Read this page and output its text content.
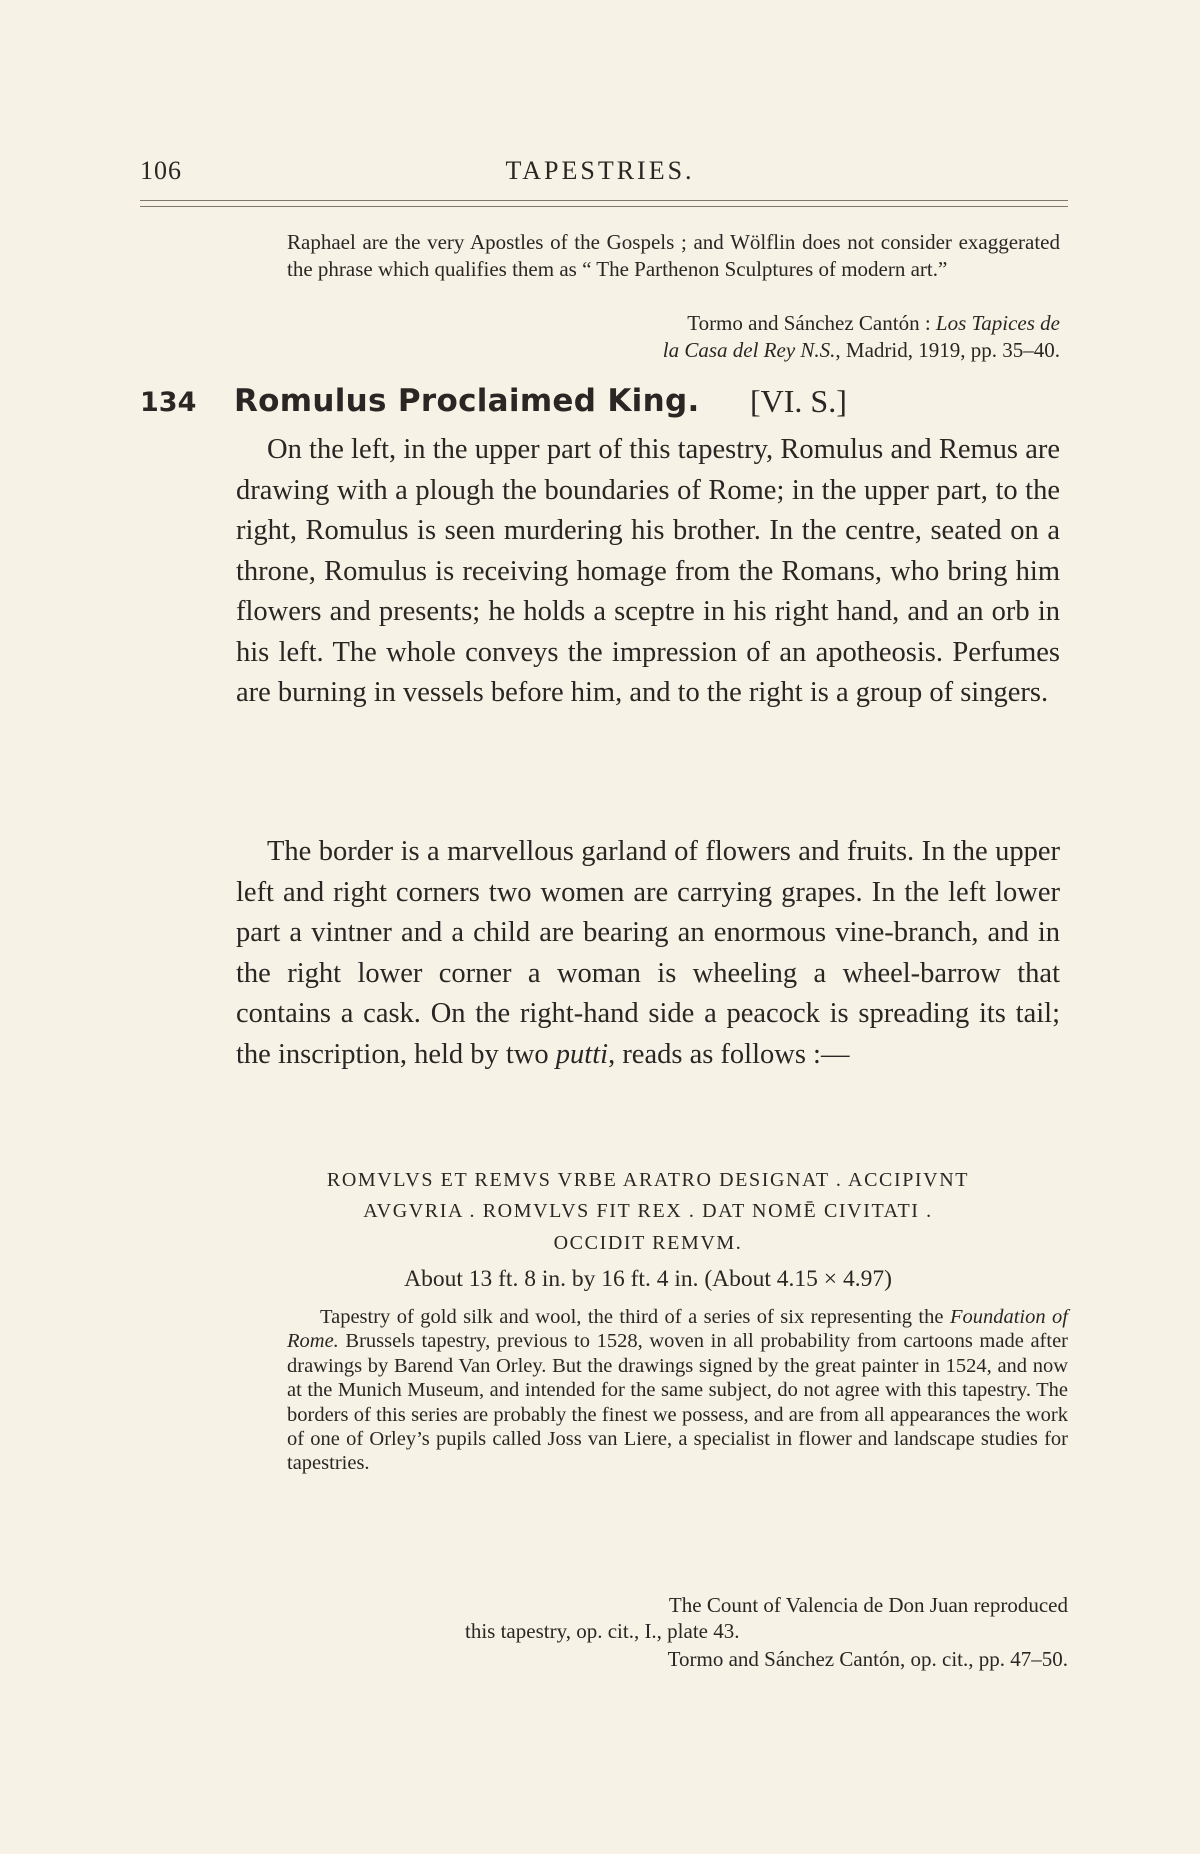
106	TAPESTRIES.

Raphael are the very Apostles of the Gospels ; and Wölflin does not consider exaggerated the phrase which qualifies them as “ The Parthenon Sculptures of modern art.”

Tormo and Sánchez Cantón : Los Tapices de
la Casa del Rey N.S., Madrid, 1919, pp. 35–40.
134 Romulus Proclaimed King. [VI. S.]

On the left, in the upper part of this tapestry, Romulus and Remus are drawing with a plough the boundaries of Rome; in the upper part, to the right, Romulus is seen murdering his brother. In the centre, seated on a throne, Romulus is receiving homage from the Romans, who bring him flowers and presents; he holds a sceptre in his right hand, and an orb in his left. The whole conveys the impression of an apotheosis. Perfumes are burning in vessels before him, and to the right is a group of singers.

The border is a marvellous garland of flowers and fruits. In the upper left and right corners two women are carrying grapes. In the left lower part a vintner and a child are bearing an enormous vine-branch, and in the right lower corner a woman is wheeling a wheel-barrow that contains a cask. On the right-hand side a peacock is spreading its tail; the inscription, held by two putti, reads as follows :—

ROMVLVS ET REMVS VRBE ARATRO DESIGNAT . ACCIPIVNT
AVGVRIA . ROMVLVS FIT REX . DAT NOMĒ CIVITATI .
OCCIDIT REMVM.
About 13 ft. 8 in. by 16 ft. 4 in. (About 4.15 × 4.97)

Tapestry of gold silk and wool, the third of a series of six representing the Foundation of Rome. Brussels tapestry, previous to 1528, woven in all probability from cartoons made after drawings by Barend Van Orley. But the drawings signed by the great painter in 1524, and now at the Munich Museum, and intended for the same subject, do not agree with this tapestry. The borders of this series are probably the finest we possess, and are from all appearances the work of one of Orley’s pupils called Joss van Liere, a specialist in flower and landscape studies for tapestries.

The Count of Valencia de Don Juan reproduced
this tapestry, op. cit., I., plate 43.
Tormo and Sánchez Cantón, op. cit., pp. 47–50.
